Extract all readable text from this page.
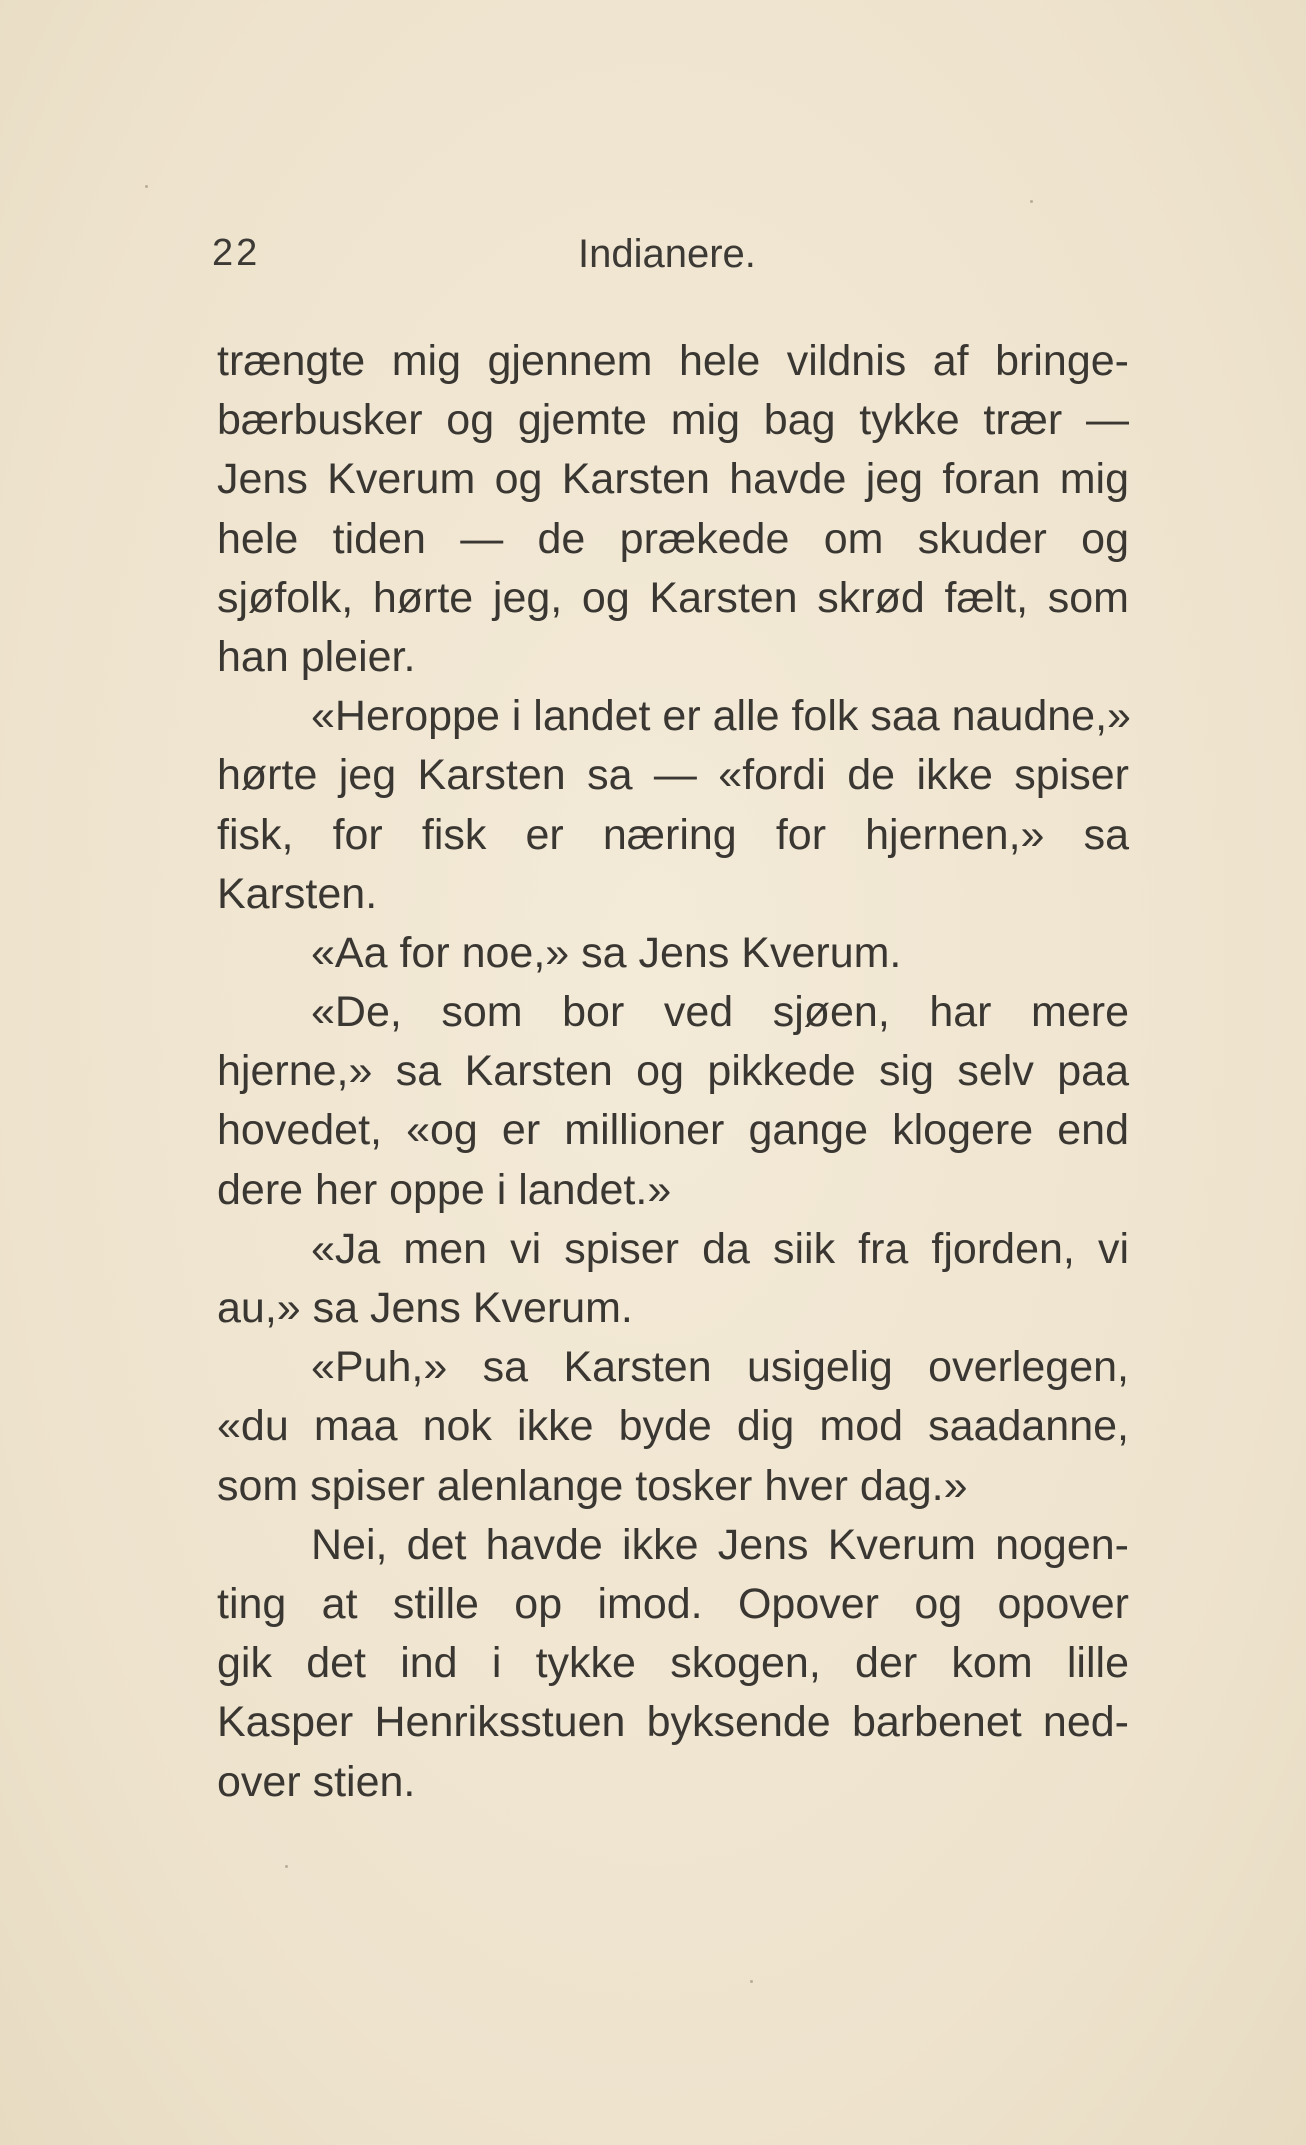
22	Indianere.
trængte mig gjennem hele vildnis af bringe-
bærbusker og gjemte mig bag tykke trær —
Jens Kverum og Karsten havde jeg foran mig
hele tiden — de prækede om skuder og
sjøfolk, hørte jeg, og Karsten skrød fælt, som
han pleier.
«Heroppe i landet er alle folk saa naudne,»
hørte jeg Karsten sa — «fordi de ikke spiser
fisk, for fisk er næring for hjernen,» sa
Karsten.
«Aa for noe,» sa Jens Kverum.
«De, som bor ved sjøen, har mere
hjerne,» sa Karsten og pikkede sig selv paa
hovedet, «og er millioner gange klogere end
dere her oppe i landet.»
«Ja men vi spiser da siik fra fjorden, vi
au,» sa Jens Kverum.
«Puh,» sa Karsten usigelig overlegen,
«du maa nok ikke byde dig mod saadanne,
som spiser alenlange tosker hver dag.»
Nei, det havde ikke Jens Kverum nogen-
ting at stille op imod. Opover og opover
gik det ind i tykke skogen, der kom lille
Kasper Henriksstuen byksende barbenet ned-
over stien.
